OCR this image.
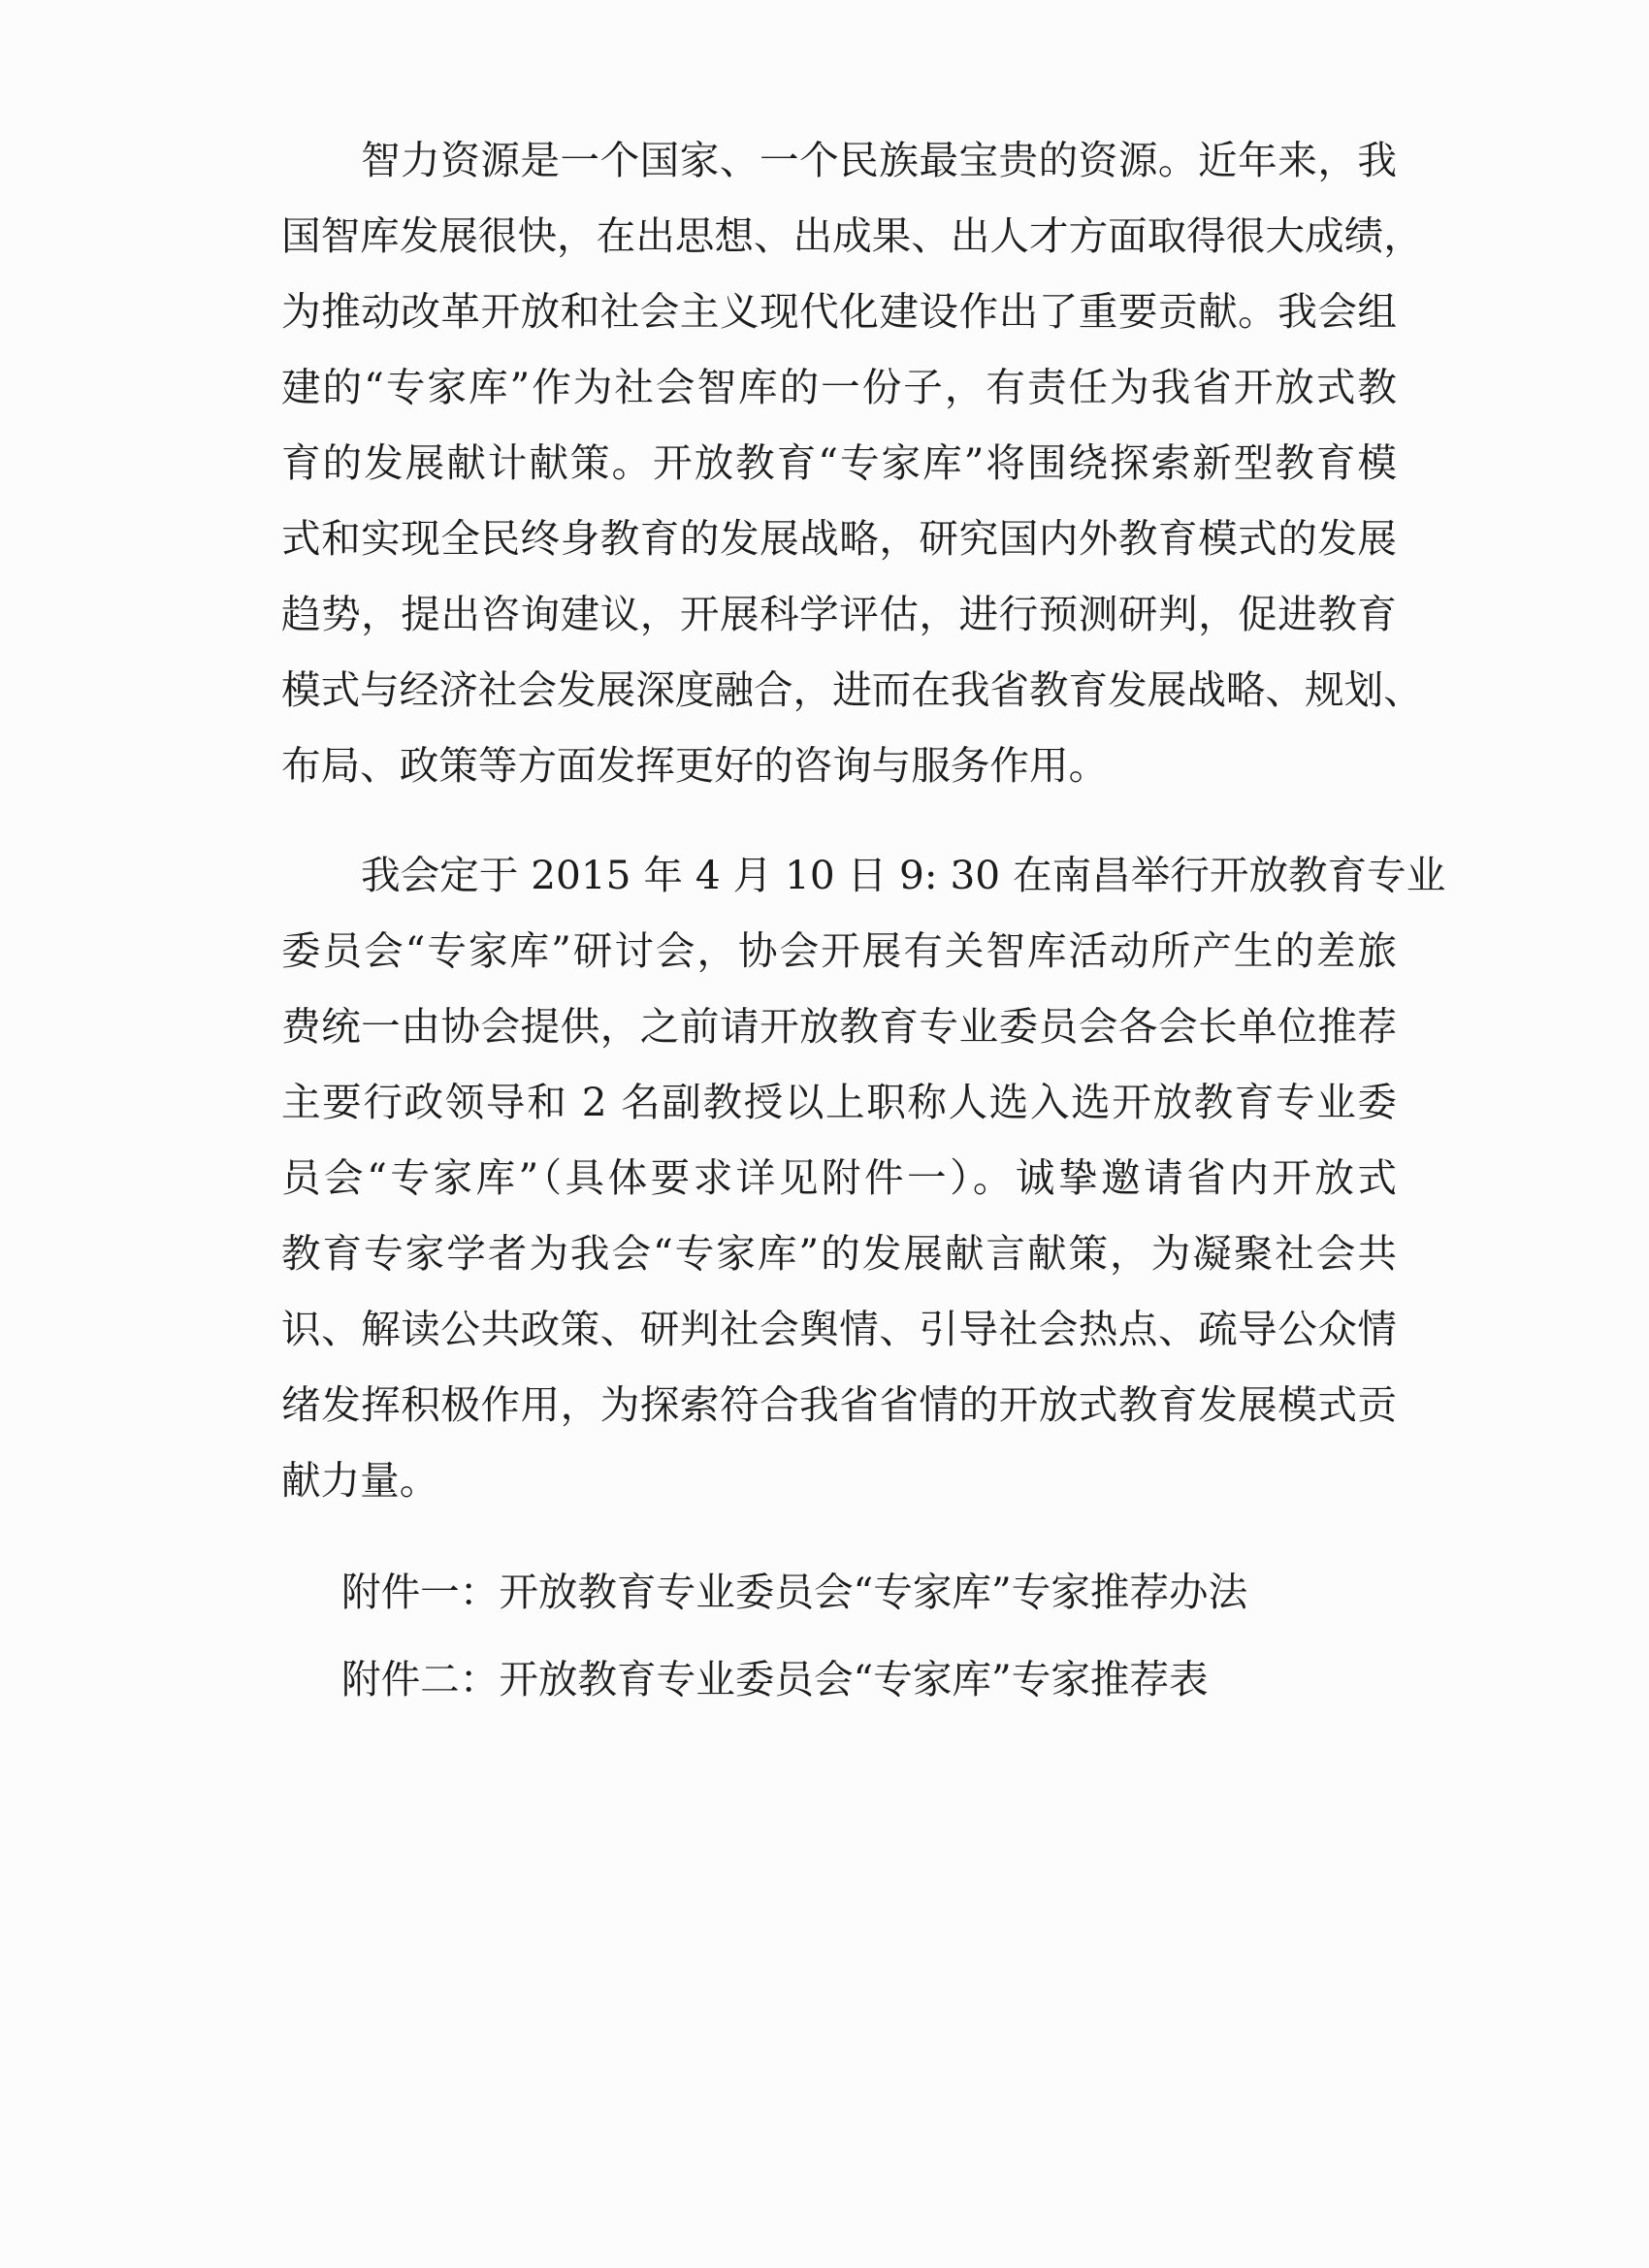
智力资源是一个国家、一个民族最宝贵的资源。近年来，我
国智库发展很快，在出思想、出成果、出人才方面取得很大成绩，
为推动改革开放和社会主义现代化建设作出了重要贡献。我会组
建的“专家库”作为社会智库的一份子，有责任为我省开放式教
育的发展献计献策。开放教育“专家库”将围绕探索新型教育模
式和实现全民终身教育的发展战略，研究国内外教育模式的发展
趋势，提出咨询建议，开展科学评估，进行预测研判，促进教育
模式与经济社会发展深度融合，进而在我省教育发展战略、规划、
布局、政策等方面发挥更好的咨询与服务作用。
我会定于 2015 年 4 月 10 日 9: 30 在南昌举行开放教育专业
委员会“专家库”研讨会，协会开展有关智库活动所产生的差旅
费统一由协会提供，之前请开放教育专业委员会各会长单位推荐
主要行政领导和 2 名副教授以上职称人选入选开放教育专业委
员会“专家库”（具体要求详见附件一）。诚挚邀请省内开放式
教育专家学者为我会“专家库”的发展献言献策，为凝聚社会共
识、解读公共政策、研判社会舆情、引导社会热点、疏导公众情
绪发挥积极作用，为探索符合我省省情的开放式教育发展模式贡
献力量。
附件一：开放教育专业委员会“专家库”专家推荐办法
附件二：开放教育专业委员会“专家库”专家推荐表
